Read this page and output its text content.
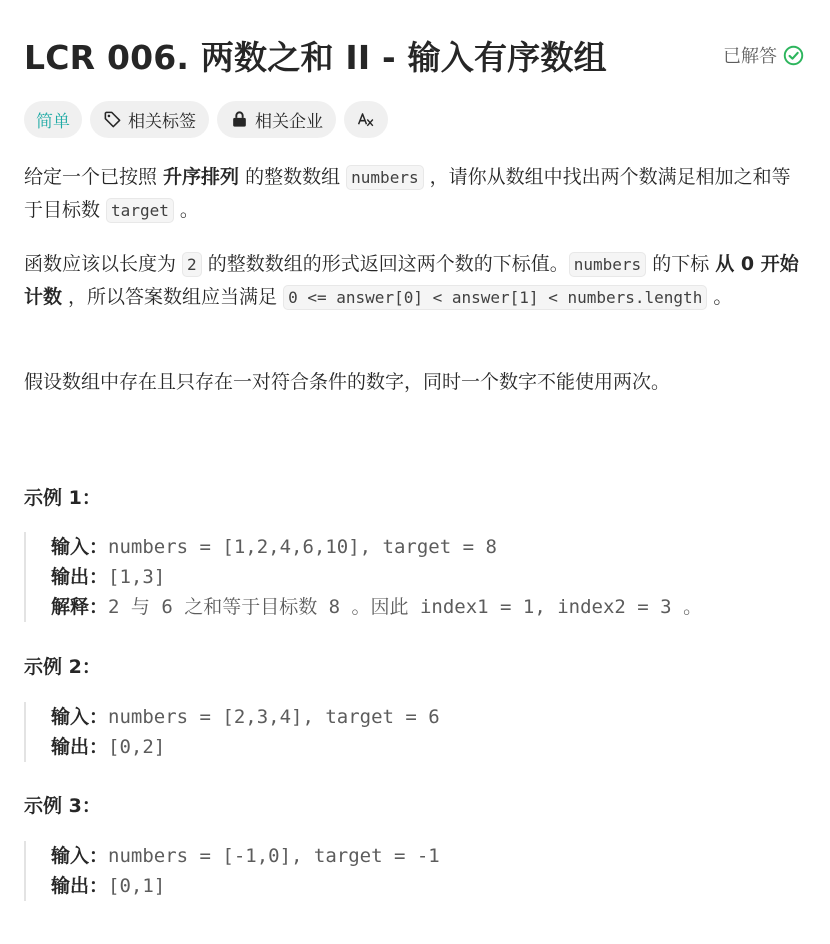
LCR 006. 两数之和 II - 输入有序数组	已解答
简单	相关标签	相关企业
给定一个已按照 升序排列 的整数数组 numbers ，请你从数组中找出两个数满足相加之和等于目标数 target 。
函数应该以长度为 2 的整数数组的形式返回这两个数的下标值。 numbers 的下标 从 0 开始计数 ，所以答案数组应当满足 0 <= answer[0] < answer[1] < numbers.length 。
假设数组中存在且只存在一对符合条件的数字，同时一个数字不能使用两次。
示例 1：
输入：numbers = [1,2,4,6,10], target = 8
输出：[1,3]
解释：2 与 6 之和等于目标数 8 。因此 index1 = 1, index2 = 3 。
示例 2：
输入：numbers = [2,3,4], target = 6
输出：[0,2]
示例 3：
输入：numbers = [-1,0], target = -1
输出：[0,1]
